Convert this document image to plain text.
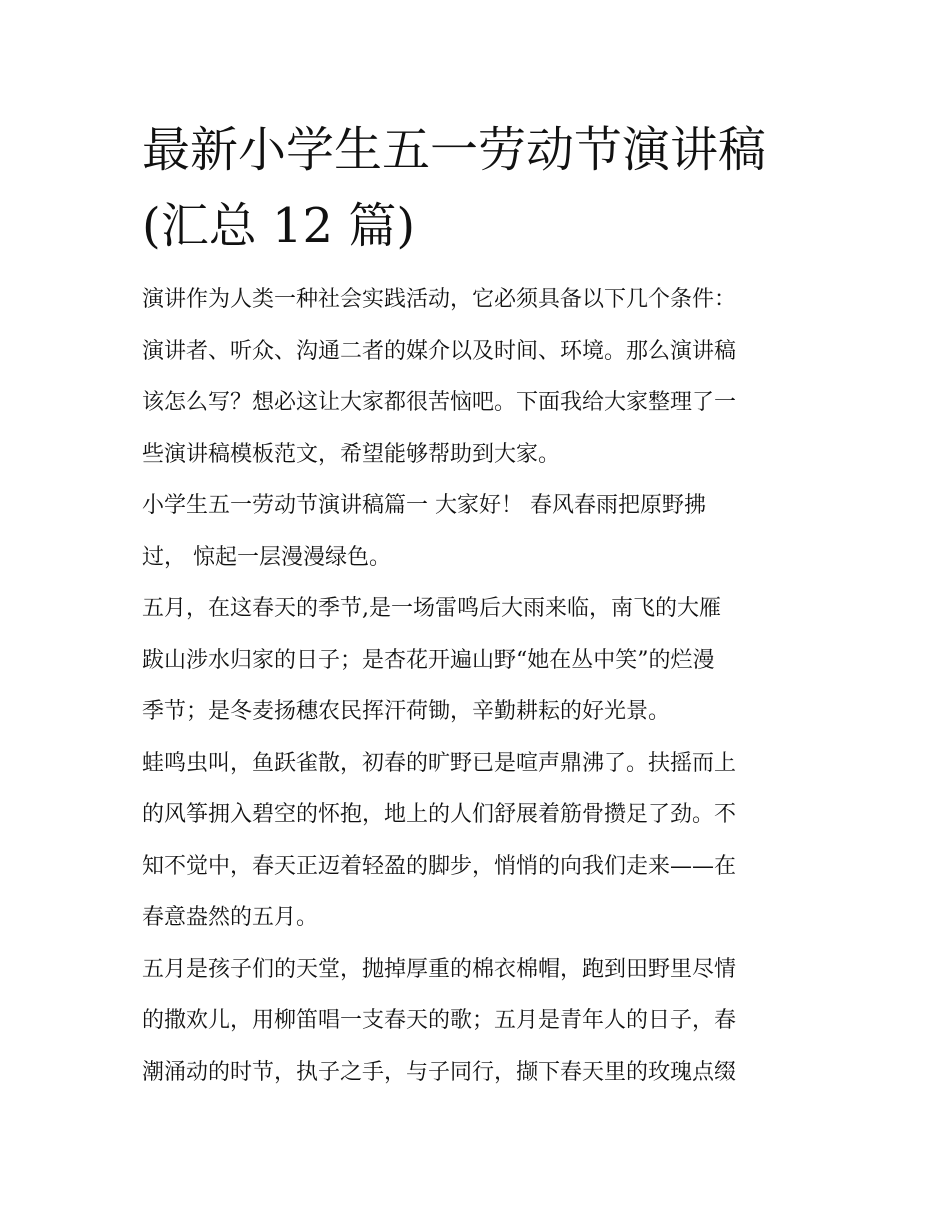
最新小学生五一劳动节演讲稿
(汇总 12 篇)

演讲作为人类一种社会实践活动，它必须具备以下几个条件：
演讲者、听众、沟通二者的媒介以及时间、环境。那么演讲稿
该怎么写？想必这让大家都很苦恼吧。下面我给大家整理了一
些演讲稿模板范文，希望能够帮助到大家。

小学生五一劳动节演讲稿篇一 大家好！ 春风春雨把原野拂
过， 惊起一层漫漫绿色。

五月，在这春天的季节,是一场雷鸣后大雨来临，南飞的大雁
跋山涉水归家的日子；是杏花开遍山野“她在丛中笑”的烂漫
季节；是冬麦扬穗农民挥汗荷锄，辛勤耕耘的好光景。

蛙鸣虫叫，鱼跃雀散，初春的旷野已是喧声鼎沸了。扶摇而上
的风筝拥入碧空的怀抱，地上的人们舒展着筋骨攒足了劲。不
知不觉中，春天正迈着轻盈的脚步，悄悄的向我们走来——在
春意盎然的五月。

五月是孩子们的天堂，抛掉厚重的棉衣棉帽，跑到田野里尽情
的撒欢儿，用柳笛唱一支春天的歌；五月是青年人的日子，春
潮涌动的时节，执子之手，与子同行，撷下春天里的玫瑰点缀
